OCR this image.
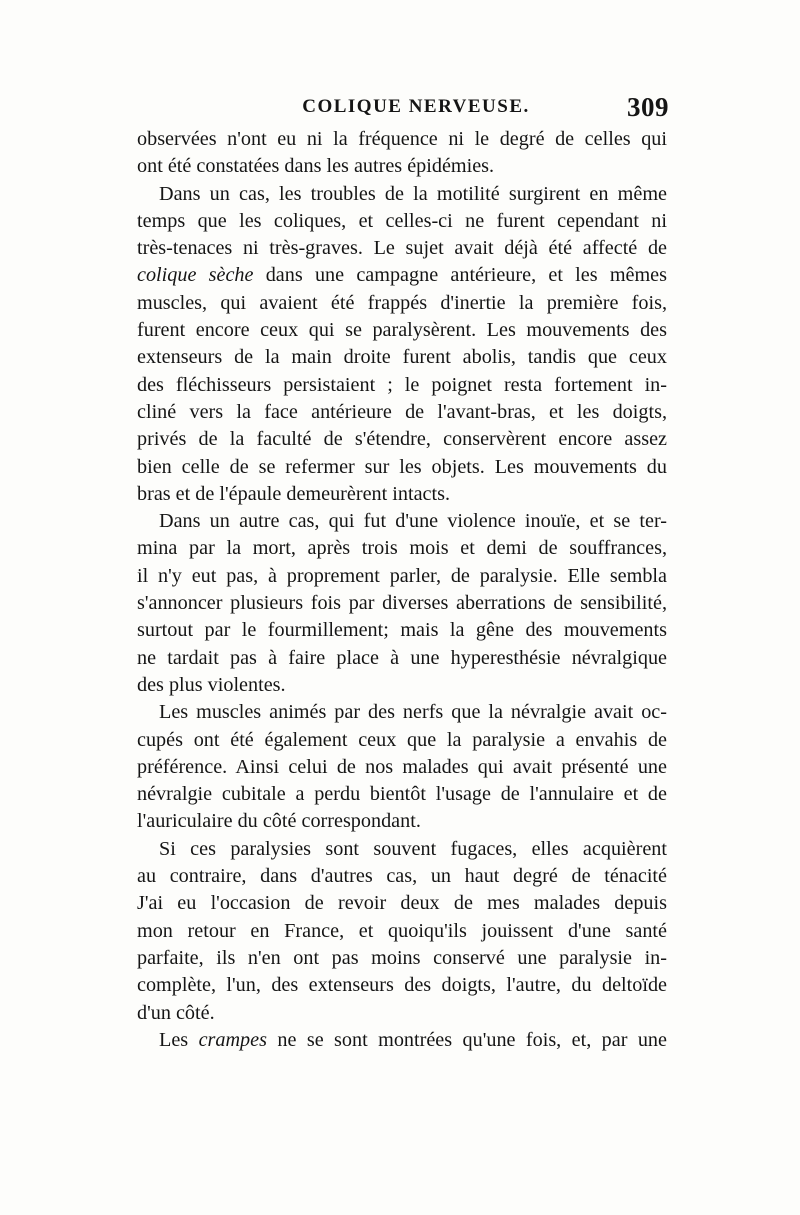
COLIQUE NERVEUSE.	309
observées n'ont eu ni la fréquence ni le degré de celles qui
ont été constatées dans les autres épidémies.
Dans un cas, les troubles de la motilité surgirent en même
temps que les coliques, et celles-ci ne furent cependant ni
très-tenaces ni très-graves. Le sujet avait déjà été affecté de
colique sèche dans une campagne antérieure, et les mêmes
muscles, qui avaient été frappés d'inertie la première fois,
furent encore ceux qui se paralysèrent. Les mouvements des
extenseurs de la main droite furent abolis, tandis que ceux
des fléchisseurs persistaient ; le poignet resta fortement in-
cliné vers la face antérieure de l'avant-bras, et les doigts,
privés de la faculté de s'étendre, conservèrent encore assez
bien celle de se refermer sur les objets. Les mouvements du
bras et de l'épaule demeurèrent intacts.
Dans un autre cas, qui fut d'une violence inouïe, et se ter-
mina par la mort, après trois mois et demi de souffrances,
il n'y eut pas, à proprement parler, de paralysie. Elle sembla
s'annoncer plusieurs fois par diverses aberrations de sensibilité,
surtout par le fourmillement; mais la gêne des mouvements
ne tardait pas à faire place à une hyperesthésie névralgique
des plus violentes.
Les muscles animés par des nerfs que la névralgie avait oc-
cupés ont été également ceux que la paralysie a envahis de
préférence. Ainsi celui de nos malades qui avait présenté une
névralgie cubitale a perdu bientôt l'usage de l'annulaire et de
l'auriculaire du côté correspondant.
Si ces paralysies sont souvent fugaces, elles acquièrent
au contraire, dans d'autres cas, un haut degré de ténacité
J'ai eu l'occasion de revoir deux de mes malades depuis
mon retour en France, et quoiqu'ils jouissent d'une santé
parfaite, ils n'en ont pas moins conservé une paralysie in-
complète, l'un, des extenseurs des doigts, l'autre, du deltoïde
d'un côté.
Les crampes ne se sont montrées qu'une fois, et, par une
